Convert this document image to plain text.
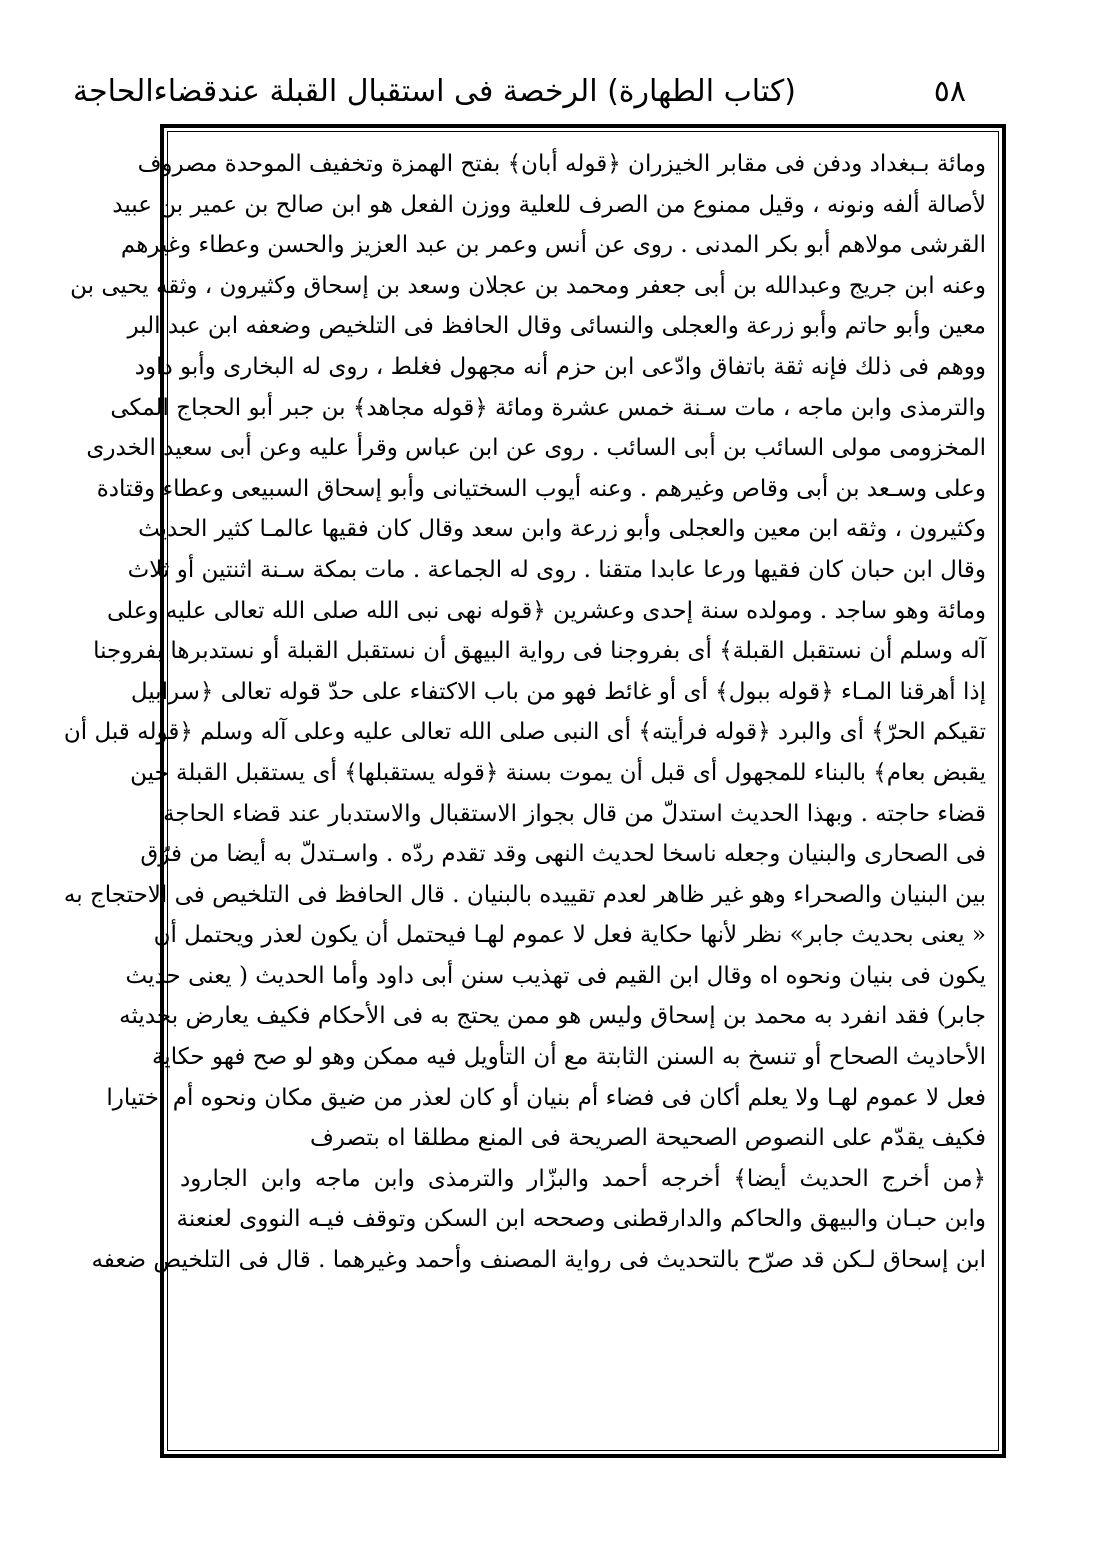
٥٨
(كتاب الطهارة) الرخصة فى استقبال القبلة عندقضاءالحاجة
ومائة بـبغداد ودفن فى مقابر الخيزران ﴿قوله أبان﴾ بفتح الهمزة وتخفيف الموحدة مصروف
لأصالة ألفه ونونه ، وقيل ممنوع من الصرف للعلية ووزن الفعل هو ابن صالح بن عمير بن عبيد
القرشى مولاهم أبو بكر المدنى . روى عن أنس وعمر بن عبد العزيز والحسن وعطاء وغيرهم
وعنه ابن جريج وعبدالله بن أبى جعفر ومحمد بن عجلان وسعد بن إسحاق وكثيرون ، وثقه يحيى بن
معين وأبو حاتم وأبو زرعة والعجلى والنسائى وقال الحافظ فى التلخيص وضعفه ابن عبد البر
ووهم فى ذلك فإنه ثقة باتفاق وادّعى ابن حزم أنه مجهول فغلط ، روى له البخارى وأبو داود
والترمذى وابن ماجه ، مات سـنة خمس عشرة ومائة ﴿قوله مجاهد﴾ بن جبر أبو الحجاج المكى
المخزومى مولى السائب بن أبى السائب . روى عن ابن عباس وقرأ عليه وعن أبى سعيد الخدرى
وعلى وسـعد بن أبى وقاص وغيرهم . وعنه أيوب السختيانى وأبو إسحاق السبيعى وعطاء وقتادة
وكثيرون ، وثقه ابن معين والعجلى وأبو زرعة وابن سعد وقال كان فقيها عالمـا كثير الحديث
وقال ابن حبان كان فقيها ورعا عابدا متقنا . روى له الجماعة . مات بمكة سـنة اثنتين أو ثلاث
ومائة وهو ساجد . ومولده سنة إحدى وعشرين ﴿قوله نهى نبى الله صلى الله تعالى عليه وعلى
آله وسلم أن نستقبل القبلة﴾ أى بفروجنا فى رواية البيهق أن نستقبل القبلة أو نستدبرها بفروجنا
إذا أهرقنا المـاء ﴿قوله ببول﴾ أى أو غائط فهو من باب الاكتفاء على حدّ قوله تعالى ﴿سرابيل
تقيكم الحرّ﴾ أى والبرد ﴿قوله فرأيته﴾ أى النبى صلى الله تعالى عليه وعلى آله وسلم ﴿قوله قبل أن
يقبض بعام﴾ بالبناء للمجهول أى قبل أن يموت بسنة ﴿قوله يستقبلها﴾ أى يستقبل القبلة حين
قضاء حاجته . وبهذا الحديث استدلّ من قال بجواز الاستقبال والاستدبار عند قضاء الحاجة
فى الصحارى والبنيان وجعله ناسخا لحديث النهى وقد تقدم ردّه . واسـتدلّ به أيضا من فرّق
بين البنيان والصحراء وهو غير ظاهر لعدم تقييده بالبنيان . قال الحافظ فى التلخيص فى الاحتجاج به
« يعنى بحديث جابر» نظر لأنها حكاية فعل لا عموم لهـا فيحتمل أن يكون لعذر ويحتمل أن
يكون فى بنيان ونحوه اه وقال ابن القيم فى تهذيب سنن أبى داود وأما الحديث ( يعنى حديث
جابر) فقد انفرد به محمد بن إسحاق وليس هو ممن يحتج به فى الأحكام فكيف يعارض بحديثه
الأحاديث الصحاح أو تنسخ به السنن الثابتة مع أن التأويل فيه ممكن وهو لو صح فهو حكاية
فعل لا عموم لهـا ولا يعلم أكان فى فضاء أم بنيان أو كان لعذر من ضيق مكان ونحوه أم اختيارا
فكيف يقدّم على النصوص الصحيحة الصريحة فى المنع مطلقا اه بتصرف
﴿من أخرج الحديث أيضا﴾ أخرجه أحمد والبزّار والترمذى وابن ماجه وابن الجارود
وابن حبـان والبيهق والحاكم والدارقطنى وصححه ابن السكن وتوقف فيـه النووى لعنعنة
ابن إسحاق لـكن قد صرّح بالتحديث فى رواية المصنف وأحمد وغيرهما . قال فى التلخيص ضعفه
